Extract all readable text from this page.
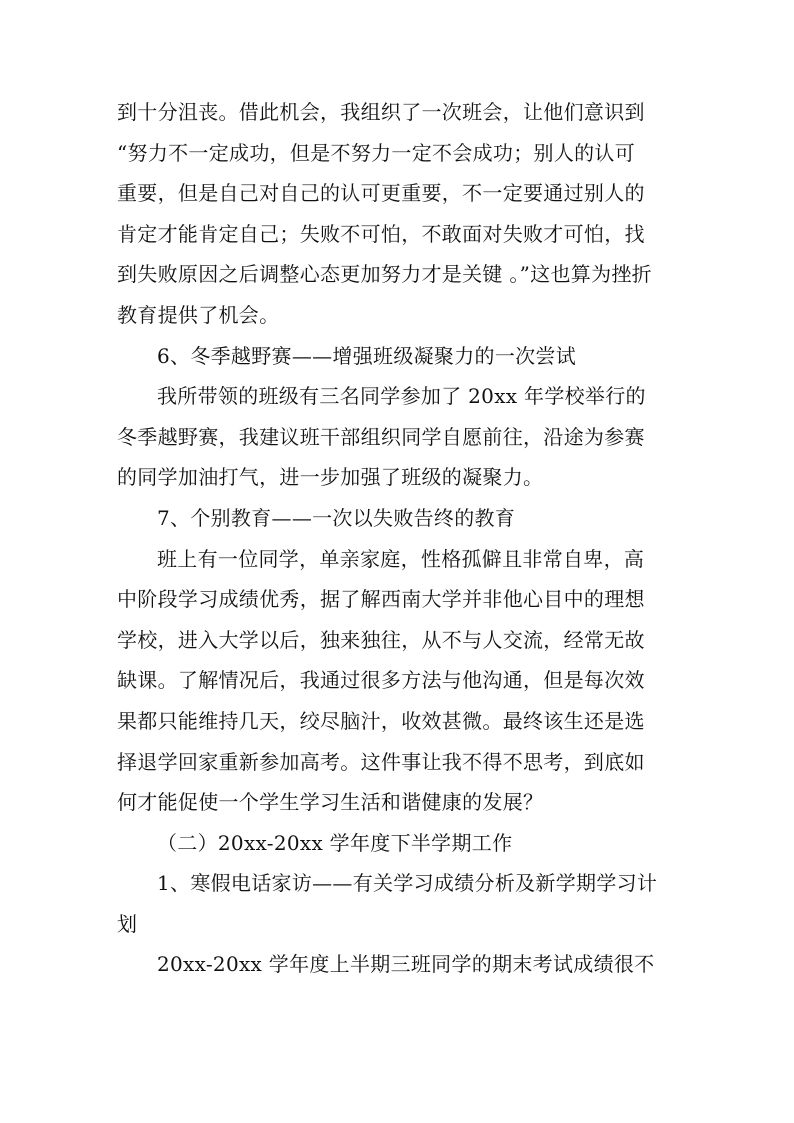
到十分沮丧。借此机会，我组织了一次班会，让他们意识到
“努力不一定成功，但是不努力一定不会成功；别人的认可
重要，但是自己对自己的认可更重要，不一定要通过别人的
肯定才能肯定自己；失败不可怕，不敢面对失败才可怕，找
到失败原因之后调整心态更加努力才是关键 。”这也算为挫折
教育提供了机会。
6、冬季越野赛——增强班级凝聚力的一次尝试
我所带领的班级有三名同学参加了 20xx 年学校举行的
冬季越野赛，我建议班干部组织同学自愿前往，沿途为参赛
的同学加油打气，进一步加强了班级的凝聚力。
7、个别教育——一次以失败告终的教育
班上有一位同学，单亲家庭，性格孤僻且非常自卑，高
中阶段学习成绩优秀，据了解西南大学并非他心目中的理想
学校，进入大学以后，独来独往，从不与人交流，经常无故
缺课。了解情况后，我通过很多方法与他沟通，但是每次效
果都只能维持几天，绞尽脑汁，收效甚微。最终该生还是选
择退学回家重新参加高考。这件事让我不得不思考，到底如
何才能促使一个学生学习生活和谐健康的发展？
（二）20xx-20xx 学年度下半学期工作
1、寒假电话家访——有关学习成绩分析及新学期学习计
划
20xx-20xx 学年度上半期三班同学的期末考试成绩很不
